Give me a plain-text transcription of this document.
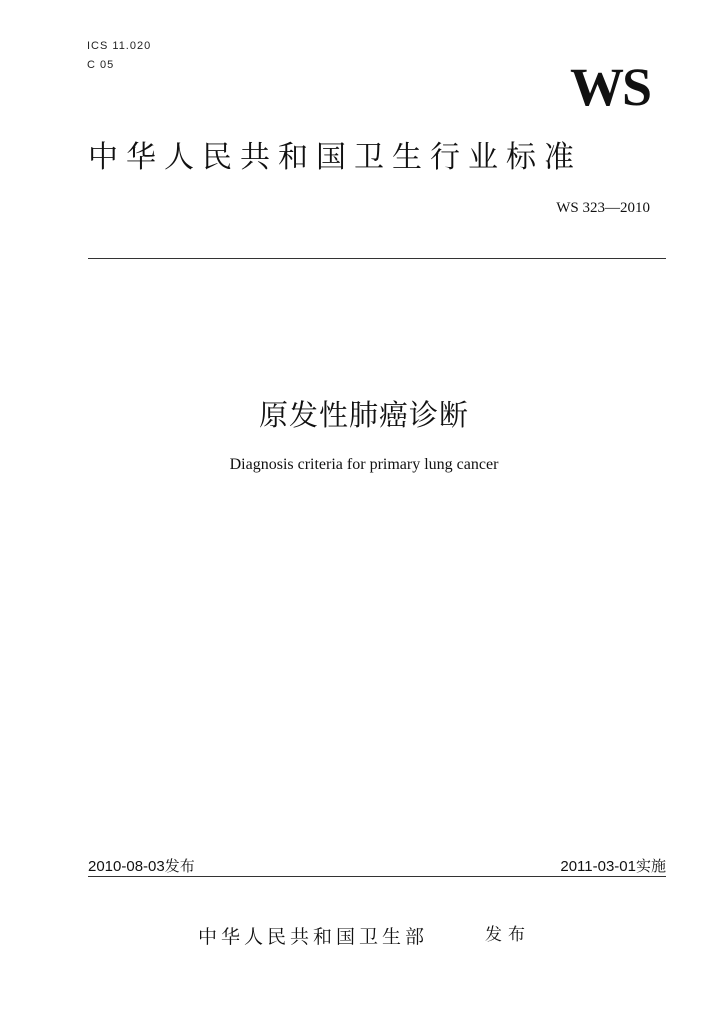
ICS 11.020
C 05	WS
中华人民共和国卫生行业标准
WS 323—2010
原发性肺癌诊断
Diagnosis criteria for primary lung cancer
2010-08-03发布	2011-03-01实施
中华人民共和国卫生部	发布
